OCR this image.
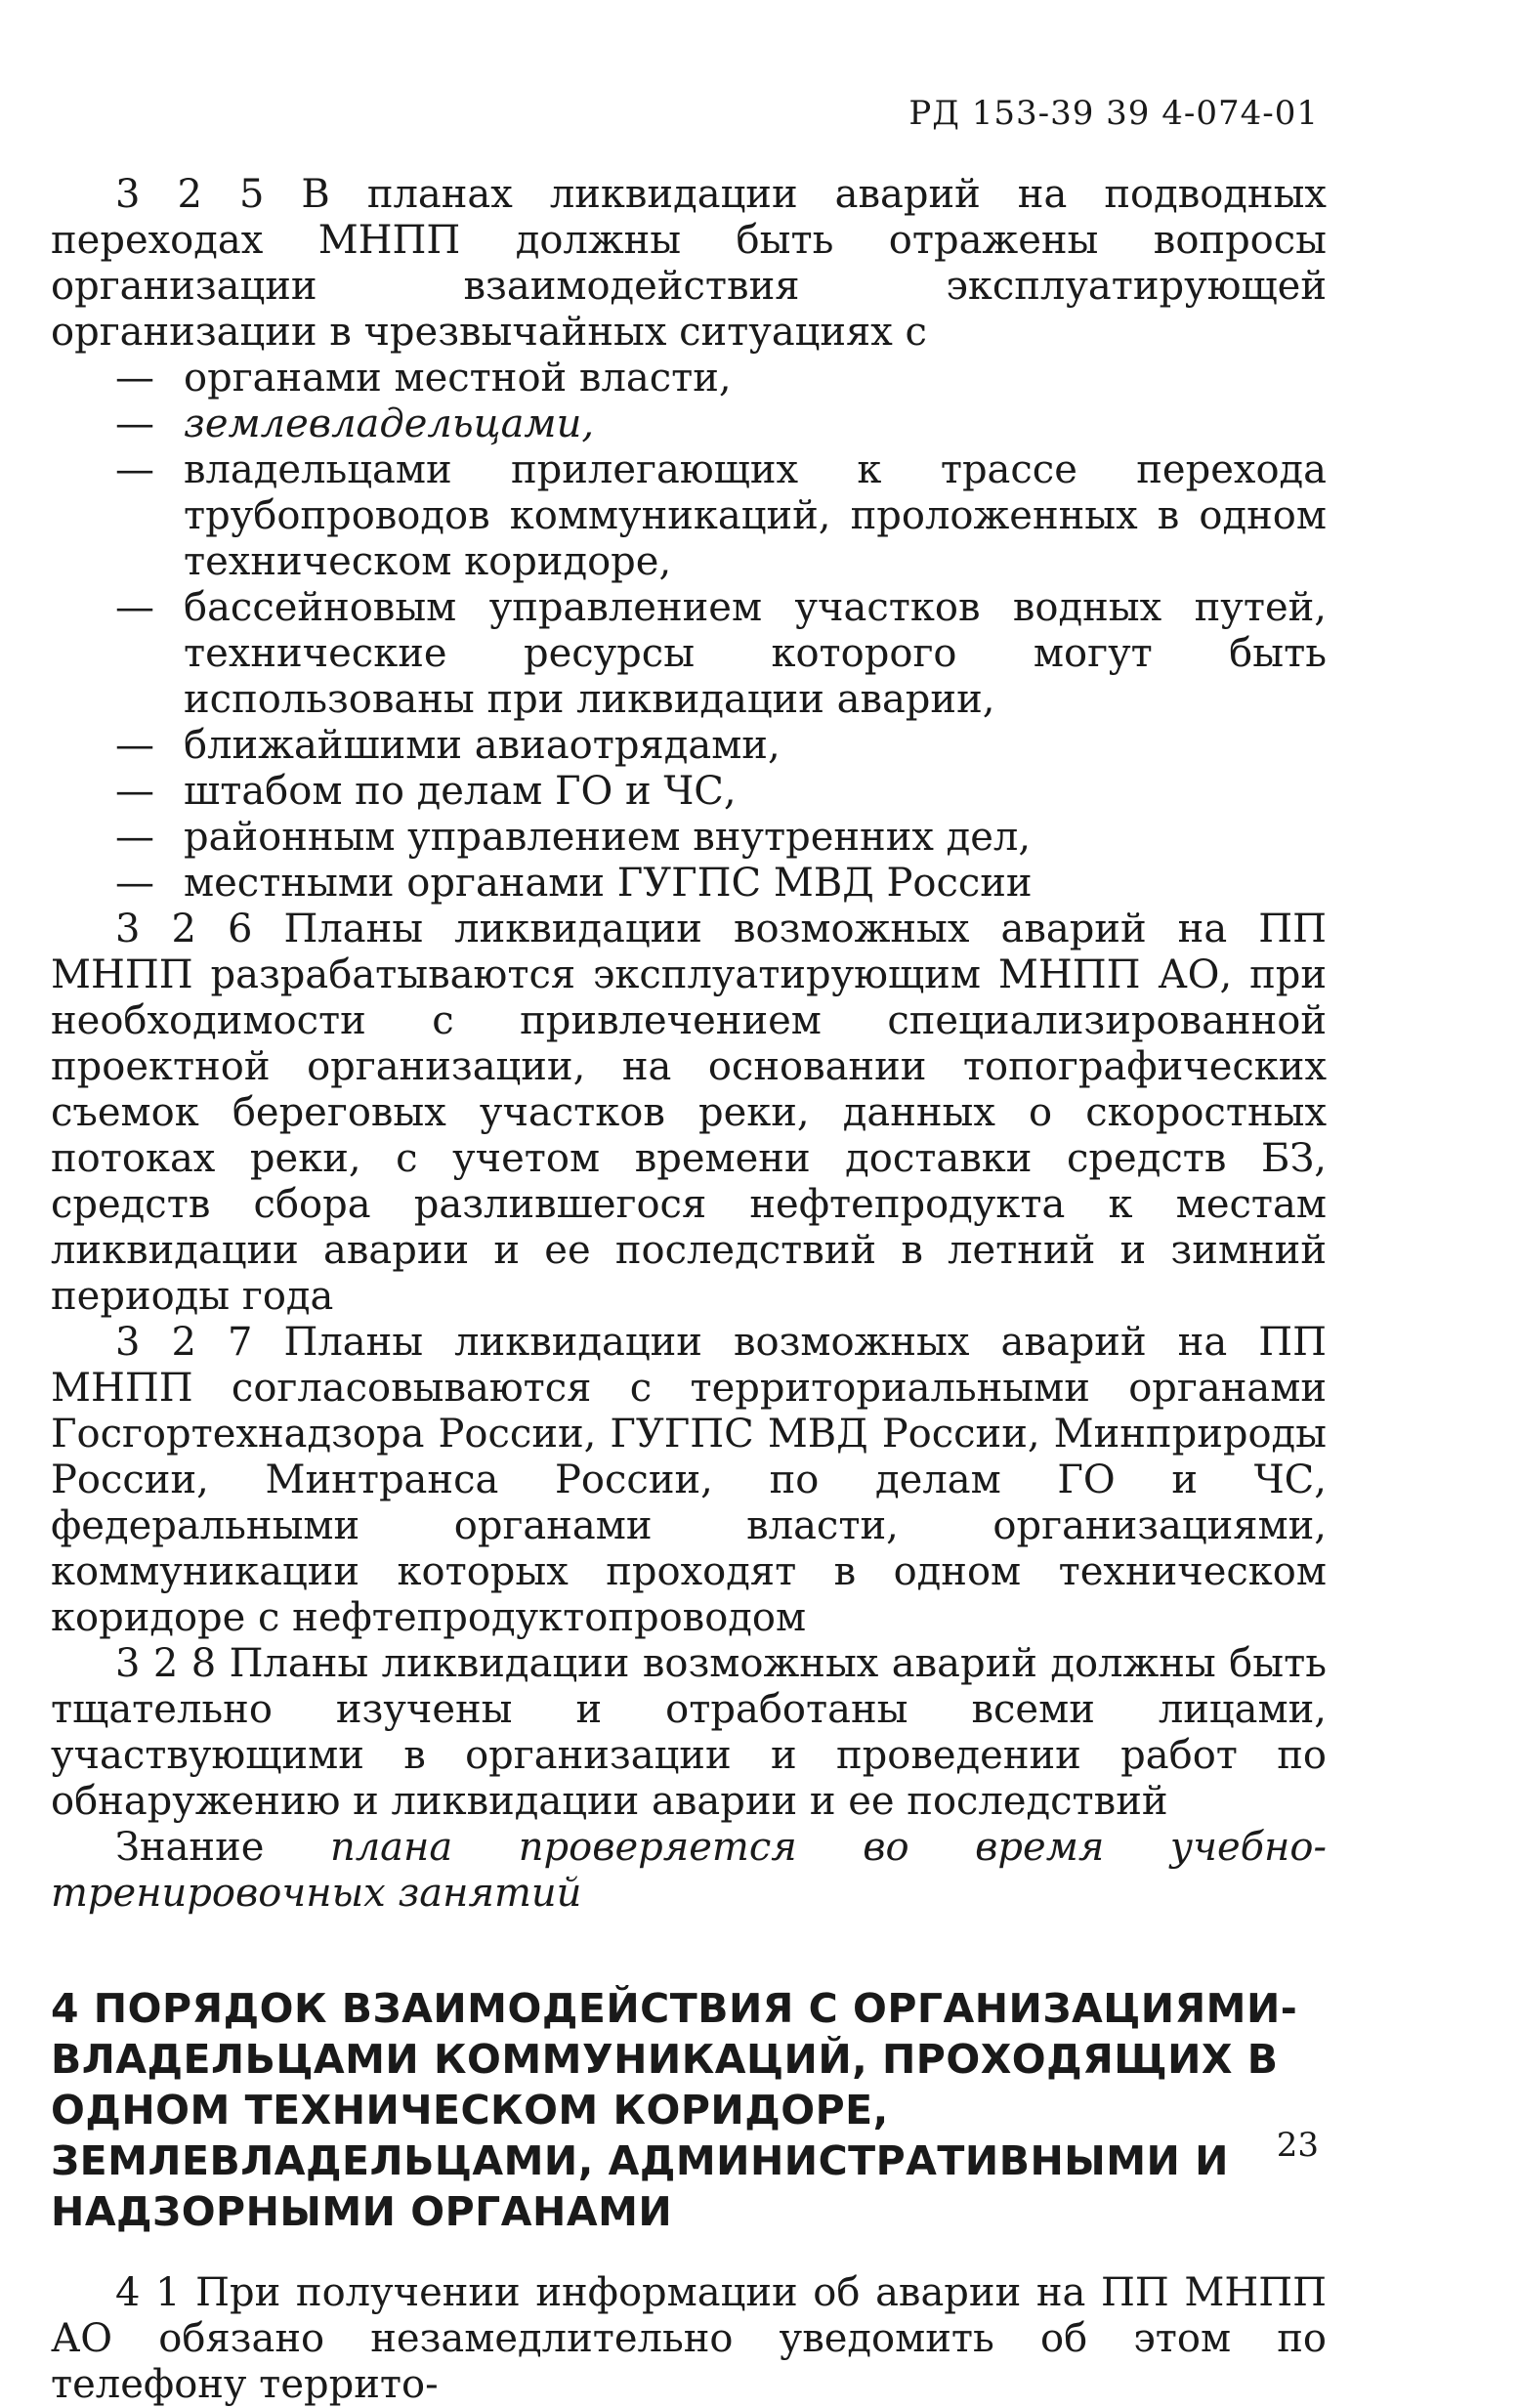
РД 153-39 39 4-074-01

3 2 5 В планах ликвидации аварий на подводных переходах МНПП должны быть отражены вопросы организации взаимодействия эксплуатирующей организации в чрезвычайных ситуациях с

— органами местной власти,
— землевладельцами,
— владельцами прилегающих к трассе перехода трубопроводов коммуникаций, проложенных в одном техническом коридоре,
— бассейновым управлением участков водных путей, технические ресурсы которого могут быть использованы при ликвидации аварии,
— ближайшими авиаотрядами,
— штабом по делам ГО и ЧС,
— районным управлением внутренних дел,
— местными органами ГУГПС МВД России

3 2 6 Планы ликвидации возможных аварий на ПП МНПП разрабатываются эксплуатирующим МНПП АО, при необходимости с привлечением специализированной проектной организации, на основании топографических съемок береговых участков реки, данных о скоростных потоках реки, с учетом времени доставки средств БЗ, средств сбора разлившегося нефтепродукта к местам ликвидации аварии и ее последствий в летний и зимний периоды года

3 2 7 Планы ликвидации возможных аварий на ПП МНПП согласовываются с территориальными органами Госгортехнадзора России, ГУГПС МВД России, Минприроды России, Минтранса России, по делам ГО и ЧС, федеральными органами власти, организациями, коммуникации которых проходят в одном техническом коридоре с нефтепродуктопроводом

3 2 8 Планы ликвидации возможных аварий должны быть тщательно изучены и отработаны всеми лицами, участвующими в организации и проведении работ по обнаружению и ликвидации аварии и ее последствий

Знание плана проверяется во время учебно-тренировочных занятий

4 ПОРЯДОК ВЗАИМОДЕЙСТВИЯ С ОРГАНИЗАЦИЯМИ-ВЛАДЕЛЬЦАМИ КОММУНИКАЦИЙ, ПРОХОДЯЩИХ В ОДНОМ ТЕХНИЧЕСКОМ КОРИДОРЕ, ЗЕМЛЕВЛАДЕЛЬЦАМИ, АДМИНИСТРАТИВНЫМИ И НАДЗОРНЫМИ ОРГАНАМИ

4 1 При получении информации об аварии на ПП МНПП АО обязано незамедлительно уведомить об этом по телефону террито-

23
